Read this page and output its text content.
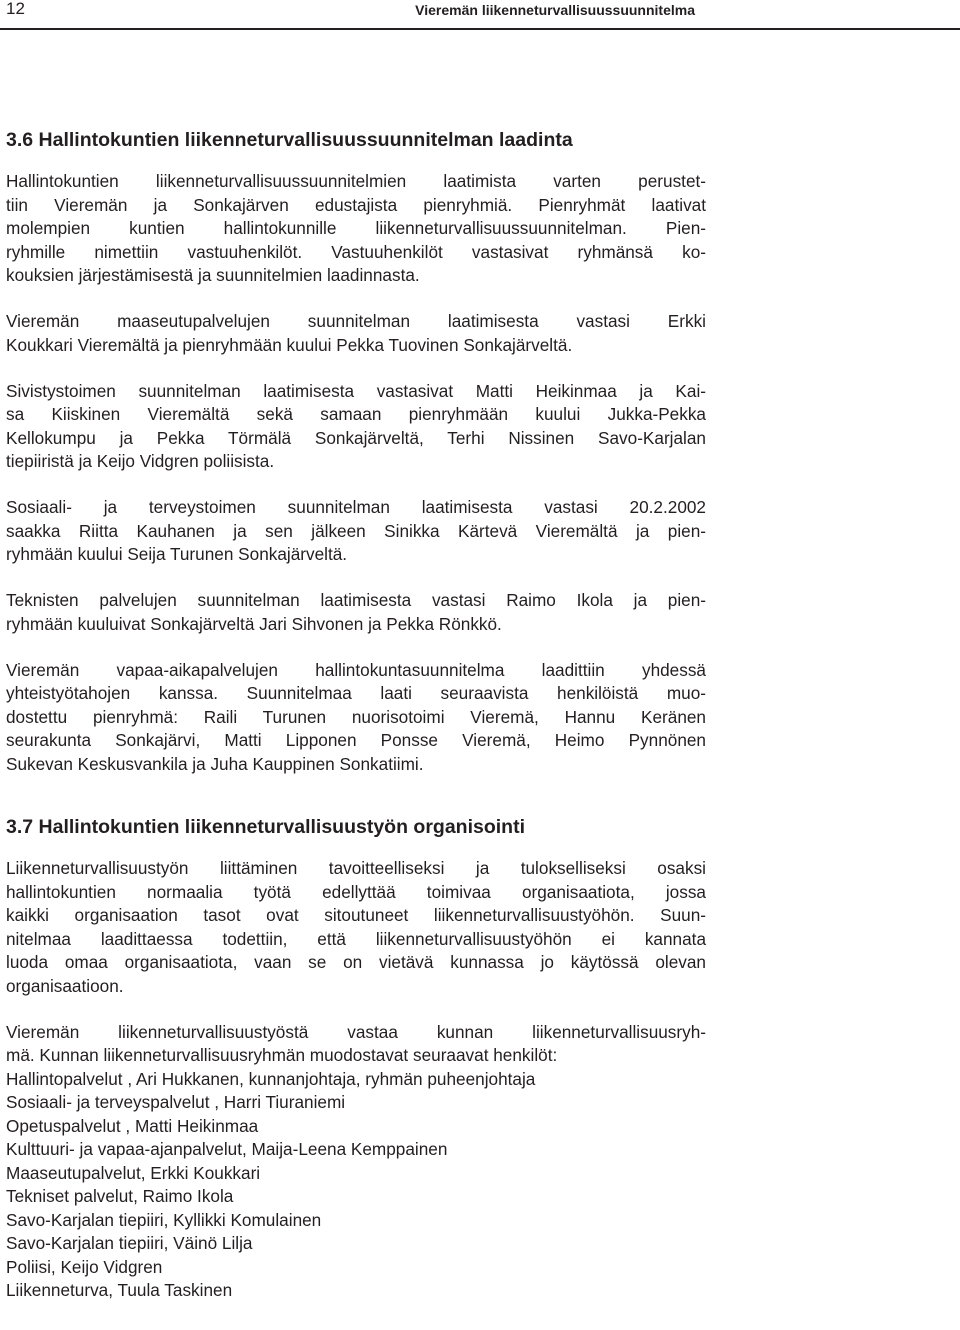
12	Vieremän liikenneturvallisuussuunnitelma
3.6 Hallintokuntien liikenneturvallisuussuunnitelman laadinta

Hallintokuntien liikenneturvallisuussuunnitelmien laatimista varten perustet-
tiin Vieremän ja Sonkajärven edustajista pienryhmiä. Pienryhmät laativat
molempien kuntien hallintokunnille liikenneturvallisuussuunnitelman. Pien-
ryhmille nimettiin vastuuhenkilöt. Vastuuhenkilöt vastasivat ryhmänsä ko-
kouksien järjestämisestä ja suunnitelmien laadinnasta.

Vieremän maaseutupalvelujen suunnitelman laatimisesta vastasi Erkki
Koukkari Vieremältä ja pienryhmään kuului Pekka Tuovinen Sonkajärveltä.

Sivistystoimen suunnitelman laatimisesta vastasivat Matti Heikinmaa ja Kai-
sa Kiiskinen Vieremältä sekä samaan pienryhmään kuului Jukka-Pekka
Kellokumpu ja Pekka Törmälä Sonkajärveltä, Terhi Nissinen Savo-Karjalan
tiepiiristä ja Keijo Vidgren poliisista.

Sosiaali- ja terveystoimen suunnitelman laatimisesta vastasi 20.2.2002
saakka Riitta Kauhanen ja sen jälkeen Sinikka Kärtevä Vieremältä ja pien-
ryhmään kuului Seija Turunen Sonkajärveltä.

Teknisten palvelujen suunnitelman laatimisesta vastasi Raimo Ikola ja pien-
ryhmään kuuluivat Sonkajärveltä Jari Sihvonen ja Pekka Rönkkö.

Vieremän vapaa-aikapalvelujen hallintokuntasuunnitelma laadittiin yhdessä
yhteistyötahojen kanssa. Suunnitelmaa laati seuraavista henkilöistä muo-
dostettu pienryhmä: Raili Turunen nuorisotoimi Vieremä, Hannu Keränen
seurakunta Sonkajärvi, Matti Lipponen Ponsse Vieremä, Heimo Pynnönen
Sukevan Keskusvankila ja Juha Kauppinen Sonkatiimi.

3.7 Hallintokuntien liikenneturvallisuustyön organisointi

Liikenneturvallisuustyön liittäminen tavoitteelliseksi ja tulokselliseksi osaksi
hallintokuntien normaalia työtä edellyttää toimivaa organisaatiota, jossa
kaikki organisaation tasot ovat sitoutuneet liikenneturvallisuustyöhön. Suun-
nitelmaa laadittaessa todettiin, että liikenneturvallisuustyöhön ei kannata
luoda omaa organisaatiota, vaan se on vietävä kunnassa jo käytössä olevan
organisaatioon.

Vieremän liikenneturvallisuustyöstä vastaa kunnan liikenneturvallisuusryh-
mä. Kunnan liikenneturvallisuusryhmän muodostavat seuraavat henkilöt:

Hallintopalvelut , Ari Hukkanen, kunnanjohtaja, ryhmän puheenjohtaja
Sosiaali- ja terveyspalvelut , Harri Tiuraniemi
Opetuspalvelut , Matti Heikinmaa
Kulttuuri- ja vapaa-ajanpalvelut, Maija-Leena Kemppainen
Maaseutupalvelut, Erkki Koukkari
Tekniset palvelut, Raimo Ikola
Savo-Karjalan tiepiiri, Kyllikki Komulainen
Savo-Karjalan tiepiiri, Väinö Lilja
Poliisi, Keijo Vidgren
Liikenneturva, Tuula Taskinen
